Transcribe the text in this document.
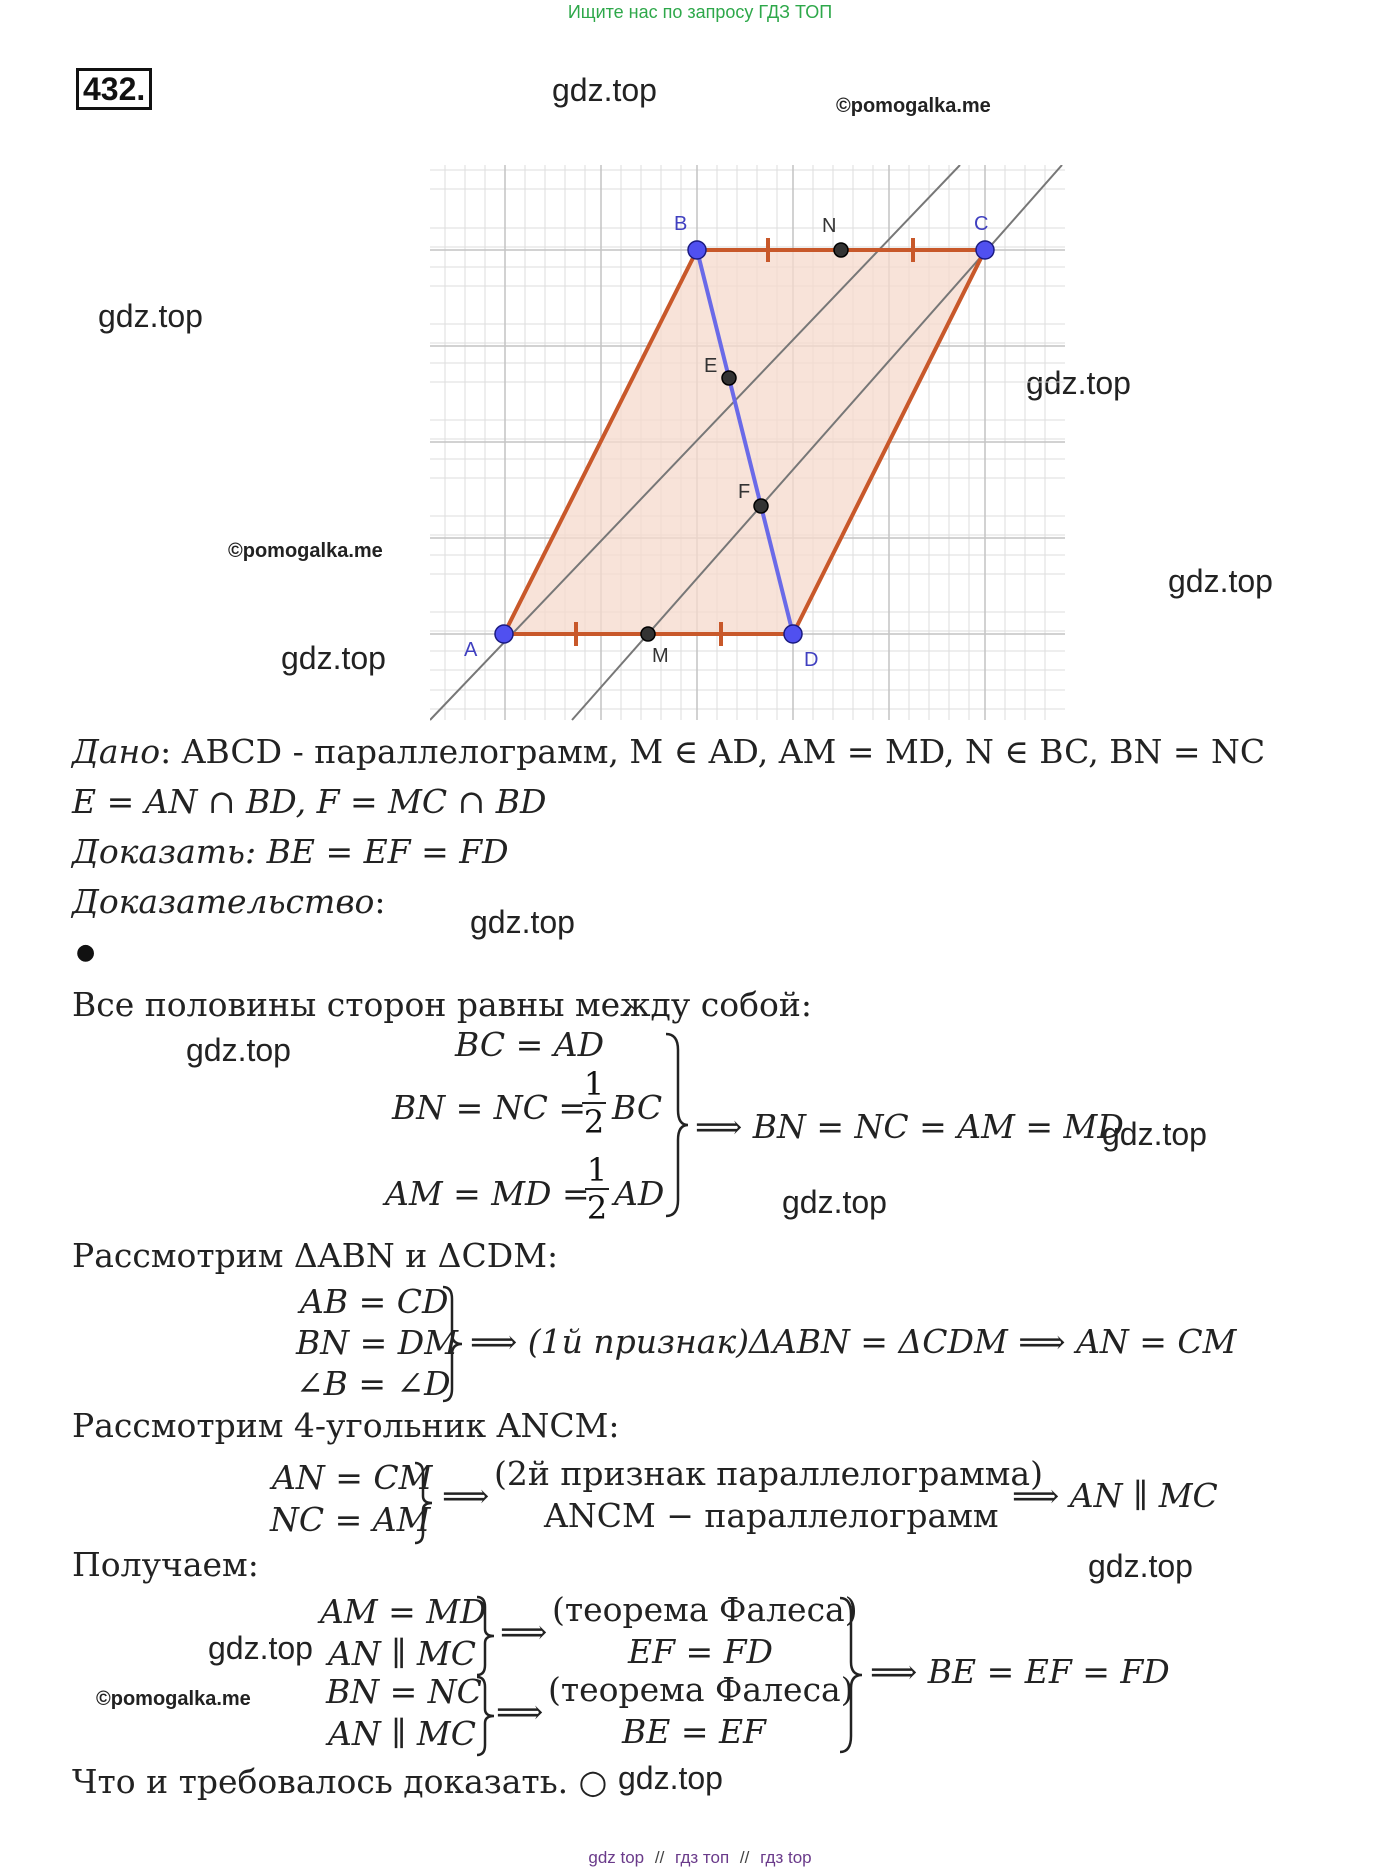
Ищите нас по запросу ГДЗ ТОП
432.	gdz.top	©pomogalka.me
gdz.top
gdz.top
©pomogalka.me
gdz.top
gdz.top	A
B	C
D
E
F
M
N
Дано: ABCD - параллелограмм, M ∈ AD, AM = MD, N ∈ BC, BN = NC
E = AN ∩ BD, F = MC ∩ BD
Доказать: BE = EF = FD
Доказательство:
gdz.top
●
Все половины сторон равны между собой:
gdz.top	BC = AD
BN = NC =
1
2 BC
AM = MD =
1
2 AD
⟹ BN = NC = AM = MD
gdz.top
gdz.top
Рассмотрим ΔABN и ΔCDM:
AB = CD
BN = DM
∠B = ∠D
⟹ (1й признак)ΔABN = ΔCDM ⟹ AN = CM
Рассмотрим 4-угольник ANCM:
AN = CM
NC = AM
⟹
(2й признак параллелограмма)
ANCM − параллелограмм
⟹ AN ∥ MC
Получаем:	gdz.top
AM = MD
AN ∥ MC
gdz.top	⟹
(теорема Фалеса)
EF = FD
©pomogalka.me BN = NC
AN ∥ MC
⟹
(теорема Фалеса)
BE = EF
⟹ BE = EF = FD
Что и требовалось доказать. ○ gdz.top
gdz top // гдз топ // гдз top
